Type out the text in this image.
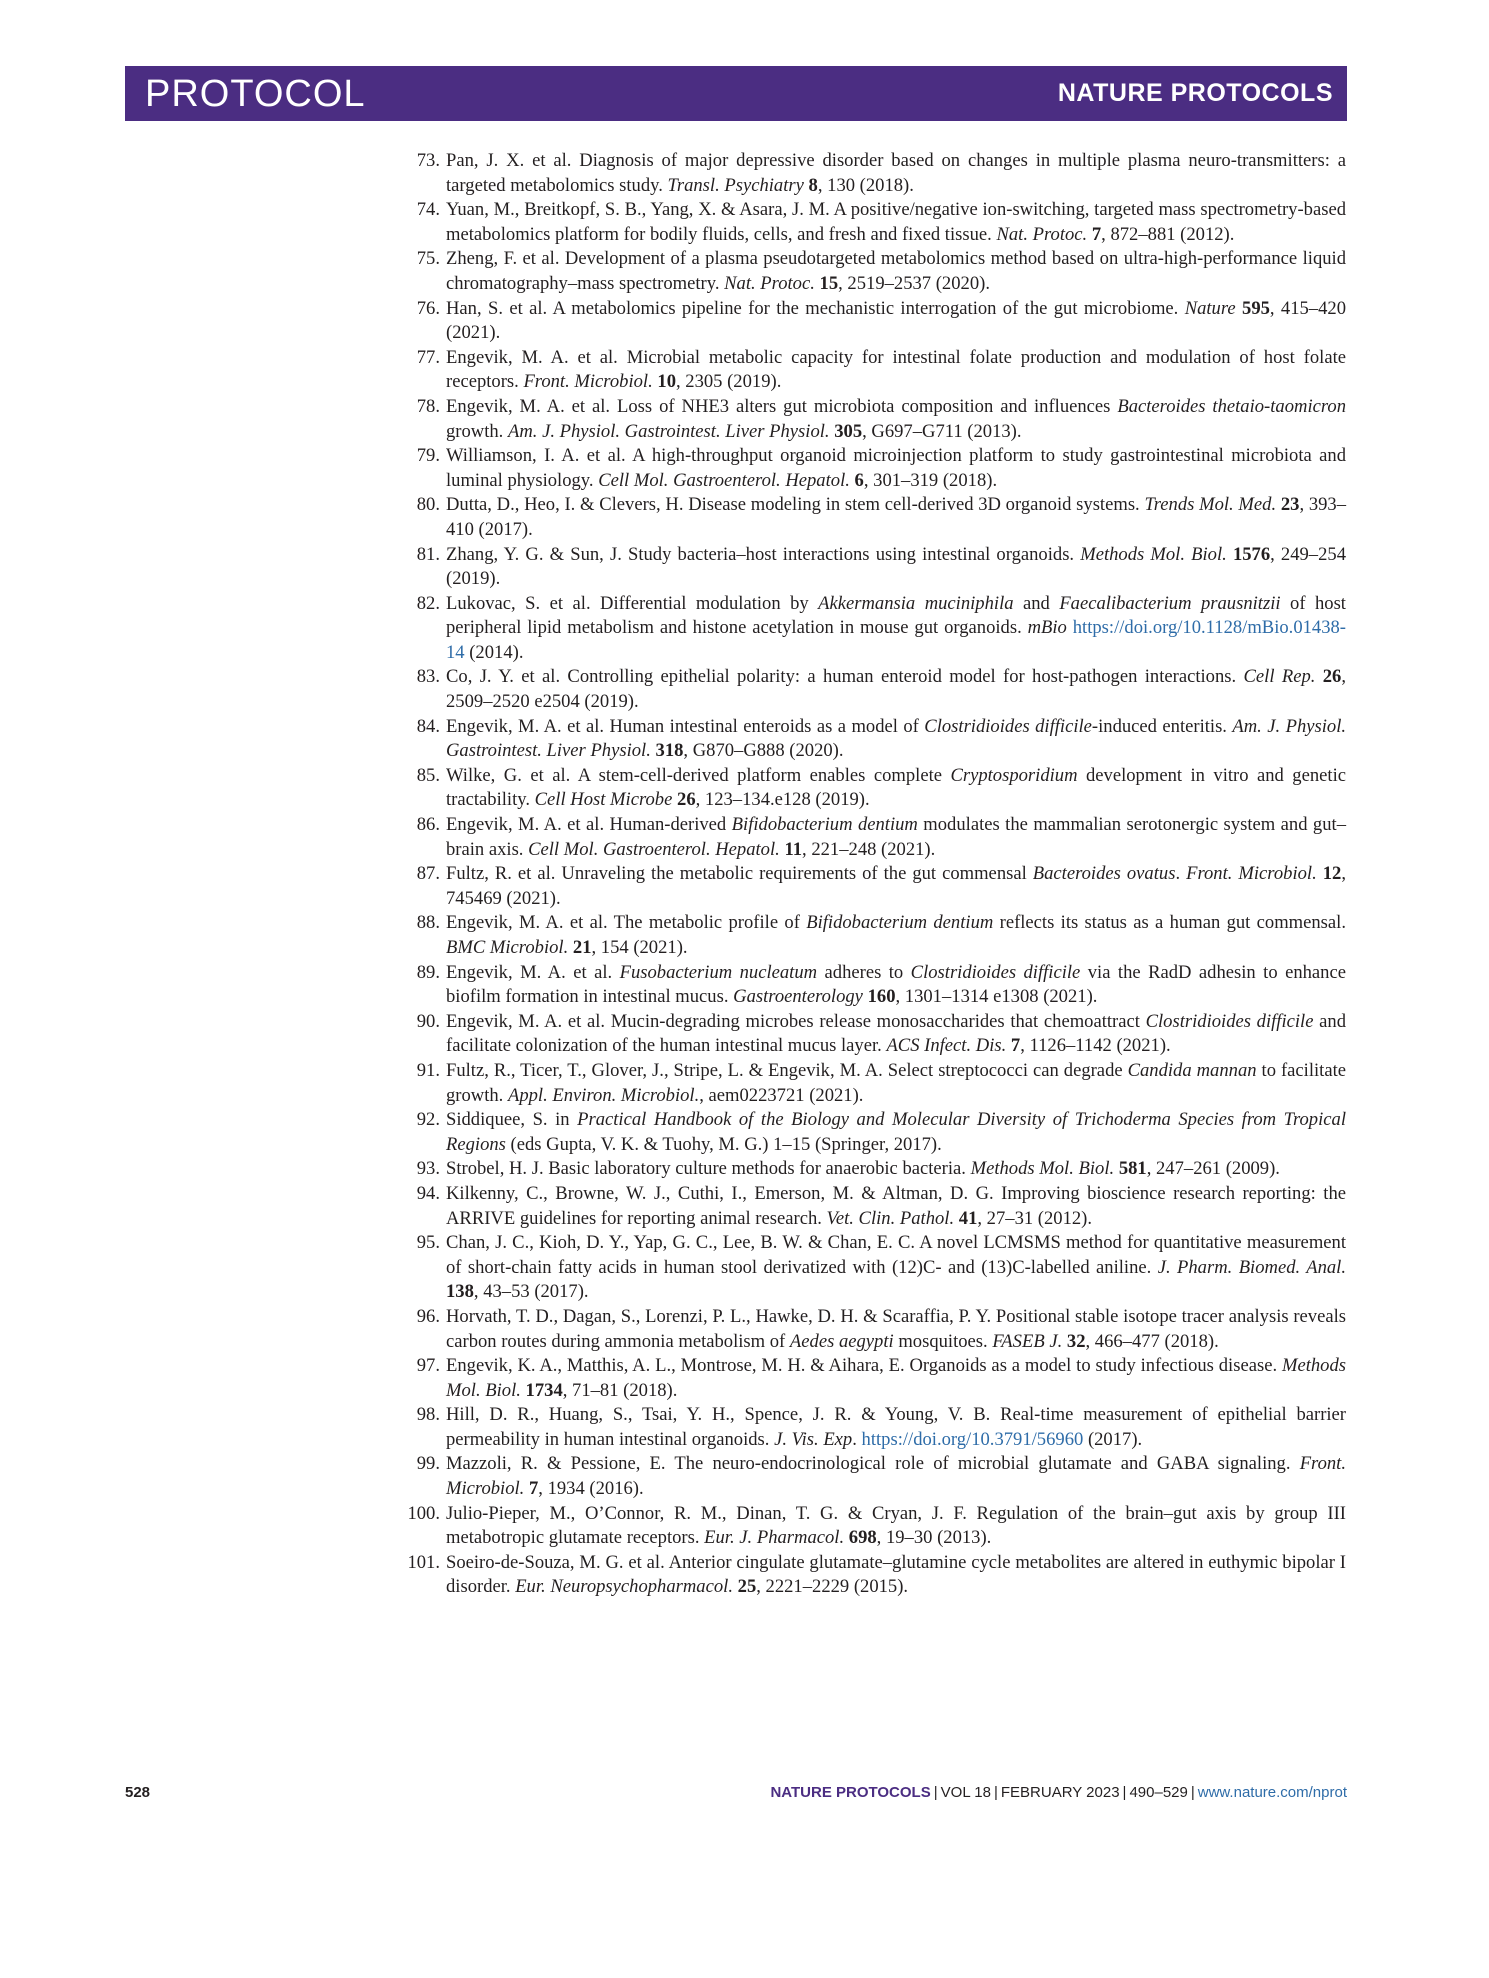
PROTOCOL	NATURE PROTOCOLS
73. Pan, J. X. et al. Diagnosis of major depressive disorder based on changes in multiple plasma neuro-transmitters: a targeted metabolomics study. Transl. Psychiatry 8, 130 (2018).
74. Yuan, M., Breitkopf, S. B., Yang, X. & Asara, J. M. A positive/negative ion-switching, targeted mass spectrometry-based metabolomics platform for bodily fluids, cells, and fresh and fixed tissue. Nat. Protoc. 7, 872–881 (2012).
75. Zheng, F. et al. Development of a plasma pseudotargeted metabolomics method based on ultra-high-performance liquid chromatography–mass spectrometry. Nat. Protoc. 15, 2519–2537 (2020).
76. Han, S. et al. A metabolomics pipeline for the mechanistic interrogation of the gut microbiome. Nature 595, 415–420 (2021).
77. Engevik, M. A. et al. Microbial metabolic capacity for intestinal folate production and modulation of host folate receptors. Front. Microbiol. 10, 2305 (2019).
78. Engevik, M. A. et al. Loss of NHE3 alters gut microbiota composition and influences Bacteroides thetaio-taomicron growth. Am. J. Physiol. Gastrointest. Liver Physiol. 305, G697–G711 (2013).
79. Williamson, I. A. et al. A high-throughput organoid microinjection platform to study gastrointestinal microbiota and luminal physiology. Cell Mol. Gastroenterol. Hepatol. 6, 301–319 (2018).
80. Dutta, D., Heo, I. & Clevers, H. Disease modeling in stem cell-derived 3D organoid systems. Trends Mol. Med. 23, 393–410 (2017).
81. Zhang, Y. G. & Sun, J. Study bacteria–host interactions using intestinal organoids. Methods Mol. Biol. 1576, 249–254 (2019).
82. Lukovac, S. et al. Differential modulation by Akkermansia muciniphila and Faecalibacterium prausnitzii of host peripheral lipid metabolism and histone acetylation in mouse gut organoids. mBio https://doi.org/10.1128/mBio.01438-14 (2014).
83. Co, J. Y. et al. Controlling epithelial polarity: a human enteroid model for host-pathogen interactions. Cell Rep. 26, 2509–2520 e2504 (2019).
84. Engevik, M. A. et al. Human intestinal enteroids as a model of Clostridioides difficile-induced enteritis. Am. J. Physiol. Gastrointest. Liver Physiol. 318, G870–G888 (2020).
85. Wilke, G. et al. A stem-cell-derived platform enables complete Cryptosporidium development in vitro and genetic tractability. Cell Host Microbe 26, 123–134.e128 (2019).
86. Engevik, M. A. et al. Human-derived Bifidobacterium dentium modulates the mammalian serotonergic system and gut–brain axis. Cell Mol. Gastroenterol. Hepatol. 11, 221–248 (2021).
87. Fultz, R. et al. Unraveling the metabolic requirements of the gut commensal Bacteroides ovatus. Front. Microbiol. 12, 745469 (2021).
88. Engevik, M. A. et al. The metabolic profile of Bifidobacterium dentium reflects its status as a human gut commensal. BMC Microbiol. 21, 154 (2021).
89. Engevik, M. A. et al. Fusobacterium nucleatum adheres to Clostridioides difficile via the RadD adhesin to enhance biofilm formation in intestinal mucus. Gastroenterology 160, 1301–1314 e1308 (2021).
90. Engevik, M. A. et al. Mucin-degrading microbes release monosaccharides that chemoattract Clostridioides difficile and facilitate colonization of the human intestinal mucus layer. ACS Infect. Dis. 7, 1126–1142 (2021).
91. Fultz, R., Ticer, T., Glover, J., Stripe, L. & Engevik, M. A. Select streptococci can degrade Candida mannan to facilitate growth. Appl. Environ. Microbiol., aem0223721 (2021).
92. Siddiquee, S. in Practical Handbook of the Biology and Molecular Diversity of Trichoderma Species from Tropical Regions (eds Gupta, V. K. & Tuohy, M. G.) 1–15 (Springer, 2017).
93. Strobel, H. J. Basic laboratory culture methods for anaerobic bacteria. Methods Mol. Biol. 581, 247–261 (2009).
94. Kilkenny, C., Browne, W. J., Cuthi, I., Emerson, M. & Altman, D. G. Improving bioscience research reporting: the ARRIVE guidelines for reporting animal research. Vet. Clin. Pathol. 41, 27–31 (2012).
95. Chan, J. C., Kioh, D. Y., Yap, G. C., Lee, B. W. & Chan, E. C. A novel LCMSMS method for quantitative measurement of short-chain fatty acids in human stool derivatized with (12)C- and (13)C-labelled aniline. J. Pharm. Biomed. Anal. 138, 43–53 (2017).
96. Horvath, T. D., Dagan, S., Lorenzi, P. L., Hawke, D. H. & Scaraffia, P. Y. Positional stable isotope tracer analysis reveals carbon routes during ammonia metabolism of Aedes aegypti mosquitoes. FASEB J. 32, 466–477 (2018).
97. Engevik, K. A., Matthis, A. L., Montrose, M. H. & Aihara, E. Organoids as a model to study infectious disease. Methods Mol. Biol. 1734, 71–81 (2018).
98. Hill, D. R., Huang, S., Tsai, Y. H., Spence, J. R. & Young, V. B. Real-time measurement of epithelial barrier permeability in human intestinal organoids. J. Vis. Exp. https://doi.org/10.3791/56960 (2017).
99. Mazzoli, R. & Pessione, E. The neuro-endocrinological role of microbial glutamate and GABA signaling. Front. Microbiol. 7, 1934 (2016).
100. Julio-Pieper, M., O’Connor, R. M., Dinan, T. G. & Cryan, J. F. Regulation of the brain–gut axis by group III metabotropic glutamate receptors. Eur. J. Pharmacol. 698, 19–30 (2013).
101. Soeiro-de-Souza, M. G. et al. Anterior cingulate glutamate–glutamine cycle metabolites are altered in euthymic bipolar I disorder. Eur. Neuropsychopharmacol. 25, 2221–2229 (2015).
528	NATURE PROTOCOLS | VOL 18 | FEBRUARY 2023 | 490–529 | www.nature.com/nprot
